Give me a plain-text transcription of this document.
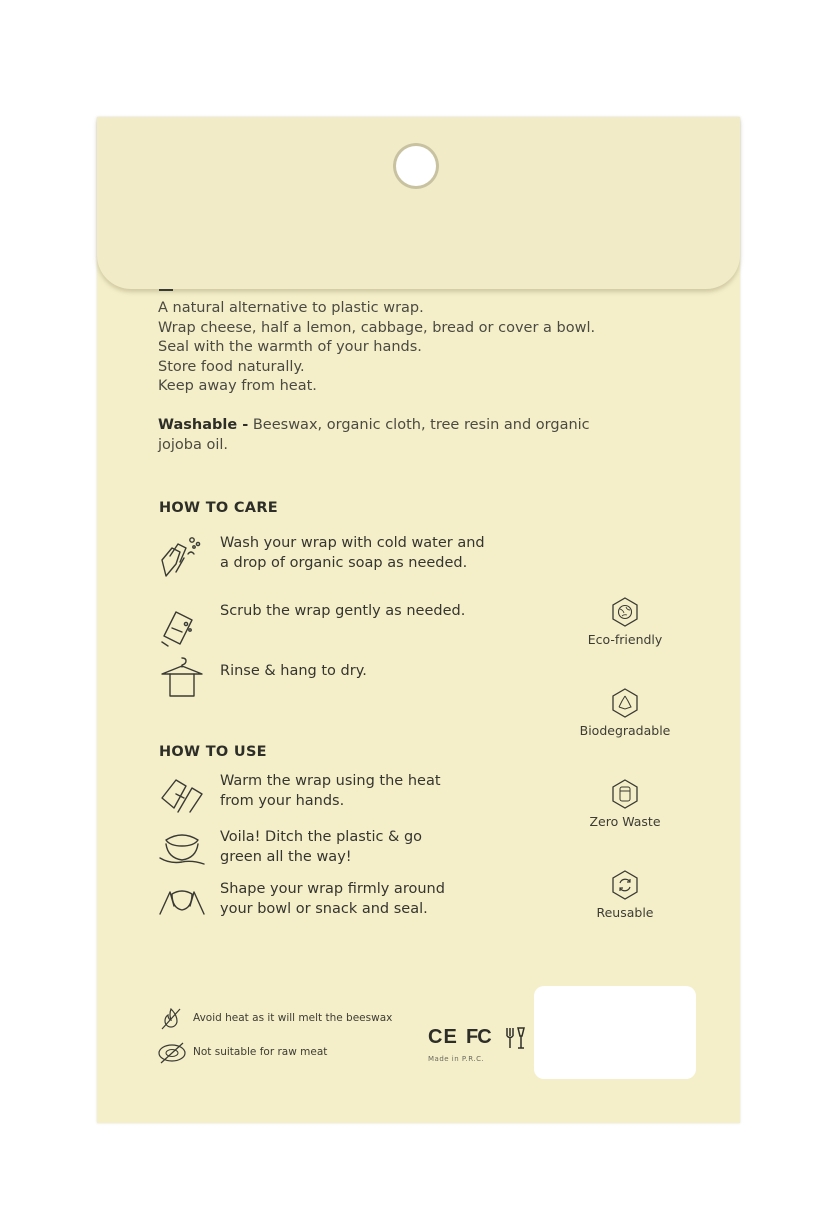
A natural alternative to plastic wrap.
Wrap cheese, half a lemon, cabbage, bread or cover a bowl.
Seal with the warmth of your hands.
Store food naturally.
Keep away from heat.
Washable - Beeswax, organic cloth, tree resin and organic jojoba oil.
HOW TO CARE
Wash your wrap with cold water and
a drop of organic soap as needed.
Scrub the wrap gently as needed.
Rinse & hang to dry.
HOW TO USE
Warm the wrap using the heat
from your hands.
Voila! Ditch the plastic & go
green all the way!
Shape your wrap firmly around
your bowl or snack and seal.
Eco-friendly
Biodegradable
Zero Waste
Reusable
Avoid heat as it will melt the beeswax
Not suitable for raw meat
CE FC
Made in P.R.C.
